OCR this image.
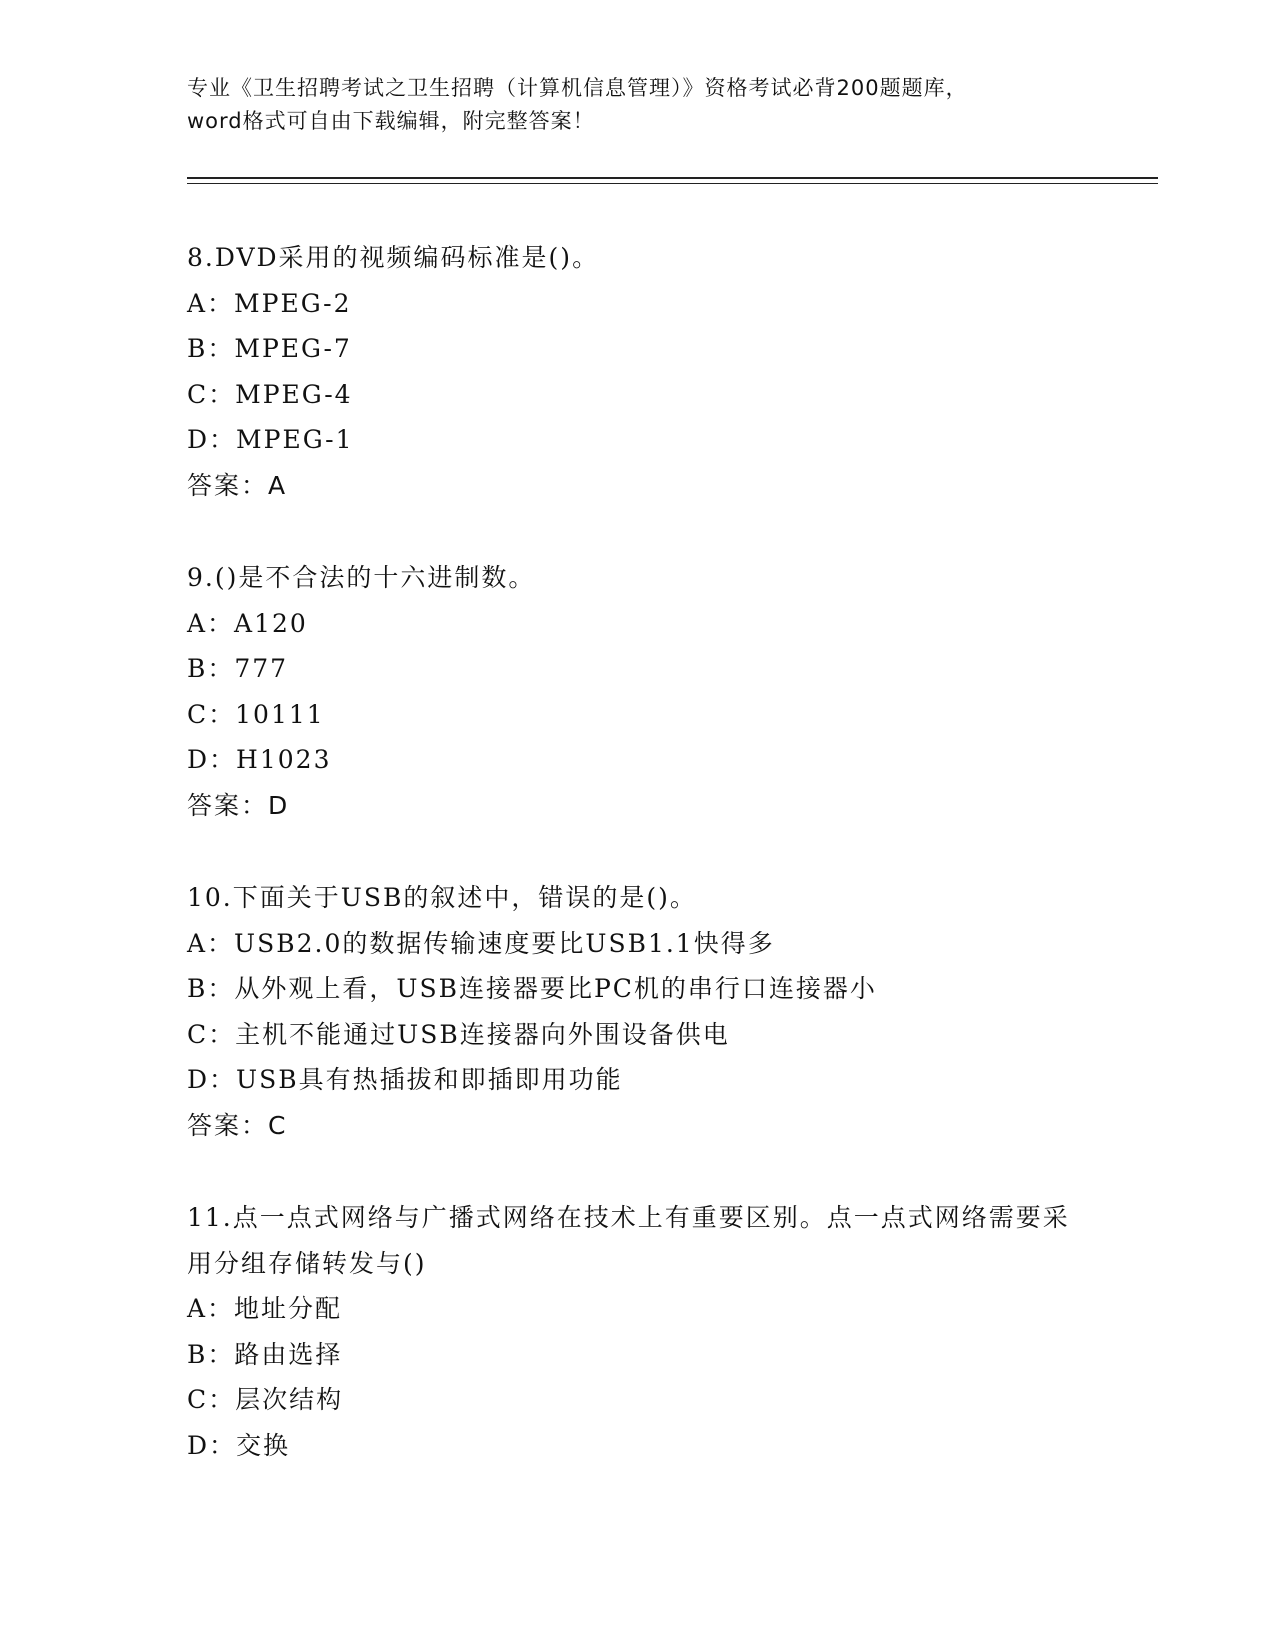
专业《卫生招聘考试之卫生招聘（计算机信息管理）》资格考试必背200题题库，
word格式可自由下载编辑，附完整答案！
8.DVD采用的视频编码标准是()。
A：MPEG-2
B：MPEG-7
C：MPEG-4
D：MPEG-1
答案：A
9.()是不合法的十六进制数。
A：A120
B：777
C：10111
D：H1023
答案：D
10.下面关于USB的叙述中，错误的是()。
A：USB2.0的数据传输速度要比USB1.1快得多
B：从外观上看，USB连接器要比PC机的串行口连接器小
C：主机不能通过USB连接器向外围设备供电
D：USB具有热插拔和即插即用功能
答案：C
11.点一点式网络与广播式网络在技术上有重要区别。点一点式网络需要采用分组存储转发与()
A：地址分配
B：路由选择
C：层次结构
D：交换
